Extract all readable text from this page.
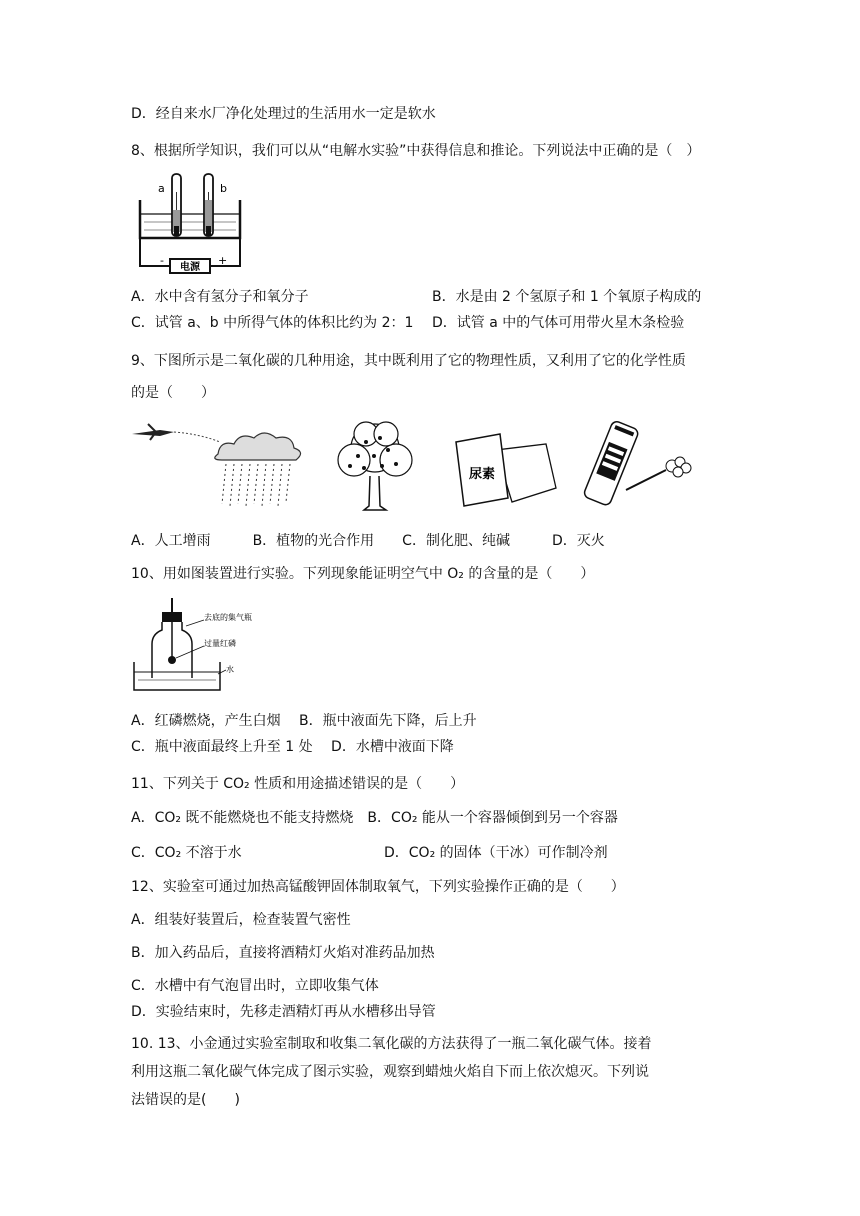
D．经自来水厂净化处理过的生活用水一定是软水
8、根据所学知识，我们可以从“电解水实验”中获得信息和推论。下列说法中正确的是（　）
电源
a	b
-	+
A．水中含有氢分子和氧分子	B．水是由 2 个氢原子和 1 个氧原子构成的
C．试管 a、b 中所得气体的体积比约为 2：1 D．试管 a 中的气体可用带火星木条检验
9、下图所示是二氧化碳的几种用途，其中既利用了它的物理性质，又利用了它的化学性质
的是（　　）
尿素
A．人工增雨　　　B．植物的光合作用　　C．制化肥、纯碱　　　D．灭火
10、用如图装置进行实验。下列现象能证明空气中 O₂ 的含量的是（　　）
去底的集气瓶
过量红磷
水
A．红磷燃烧，产生白烟　 B．瓶中液面先下降，后上升
C．瓶中液面最终上升至 1 处　 D．水槽中液面下降
11、下列关于 CO₂ 性质和用途描述错误的是（　　）
A．CO₂ 既不能燃烧也不能支持燃烧　B．CO₂ 能从一个容器倾倒到另一个容器
C．CO₂ 不溶于水	D．CO₂ 的固体（干冰）可作制冷剂
12、实验室可通过加热高锰酸钾固体制取氧气，下列实验操作正确的是（　　）
A．组装好装置后，检查装置气密性
B．加入药品后，直接将酒精灯火焰对准药品加热
C．水槽中有气泡冒出时，立即收集气体
D．实验结束时，先移走酒精灯再从水槽移出导管
10. 13、小金通过实验室制取和收集二氧化碳的方法获得了一瓶二氧化碳气体。接着
利用这瓶二氧化碳气体完成了图示实验，观察到蜡烛火焰自下而上依次熄灭。下列说
法错误的是(　　)
